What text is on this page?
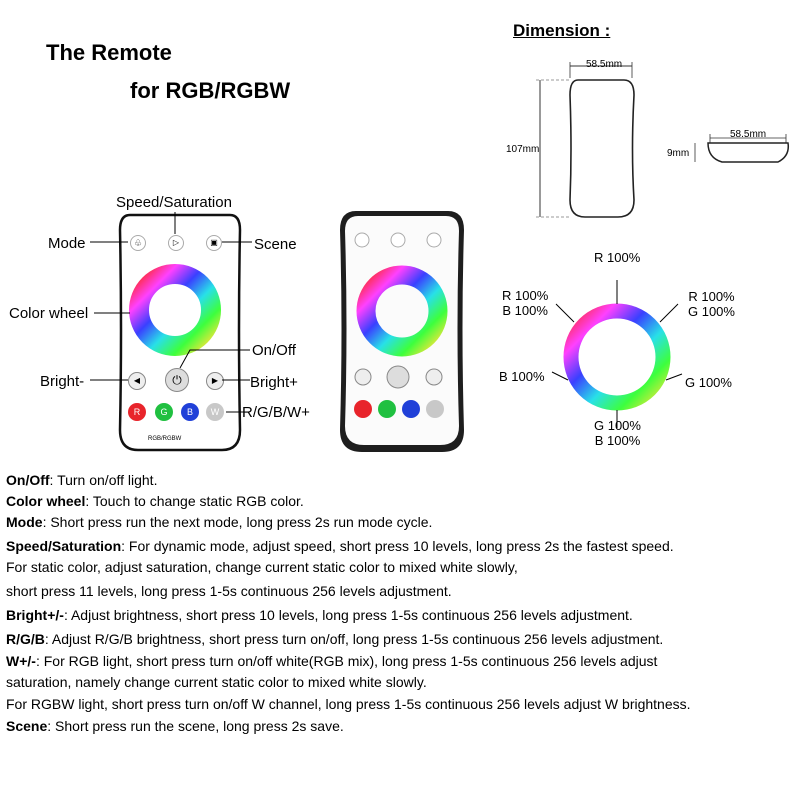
The Remote
for RGB/RGBW
Dimension :
58.5mm
107mm
58.5mm
9mm
♧	▷	▣
◀	⏻	▶
R	G	B	W
RGB/RGBW
Speed/Saturation
Mode	Scene
Color wheel
On/Off
Bright-	Bright+
R/G/B/W+
R 100%
R 100%
B 100%
R 100%
G 100%
B 100%	G 100%
G 100%
B 100%
On/Off: Turn on/off light.
Color wheel: Touch to change static RGB color.
Mode: Short press run the next mode, long press 2s run mode cycle.
Speed/Saturation: For dynamic mode, adjust speed, short press 10 levels, long press 2s the fastest speed.
For static color, adjust saturation, change current static color to mixed white slowly,
short press 11 levels, long press 1-5s continuous 256 levels adjustment.
Bright+/-: Adjust brightness, short press 10 levels, long press 1-5s continuous 256 levels adjustment.
R/G/B: Adjust R/G/B brightness, short press turn on/off, long press 1-5s continuous 256 levels adjustment.
W+/-: For RGB light, short press turn on/off white(RGB mix), long press 1-5s continuous 256 levels adjust
saturation, namely change current static color to mixed white slowly.
For RGBW light, short press turn on/off W channel, long press 1-5s continuous 256 levels adjust W brightness.
Scene: Short press run the scene, long press 2s save.
